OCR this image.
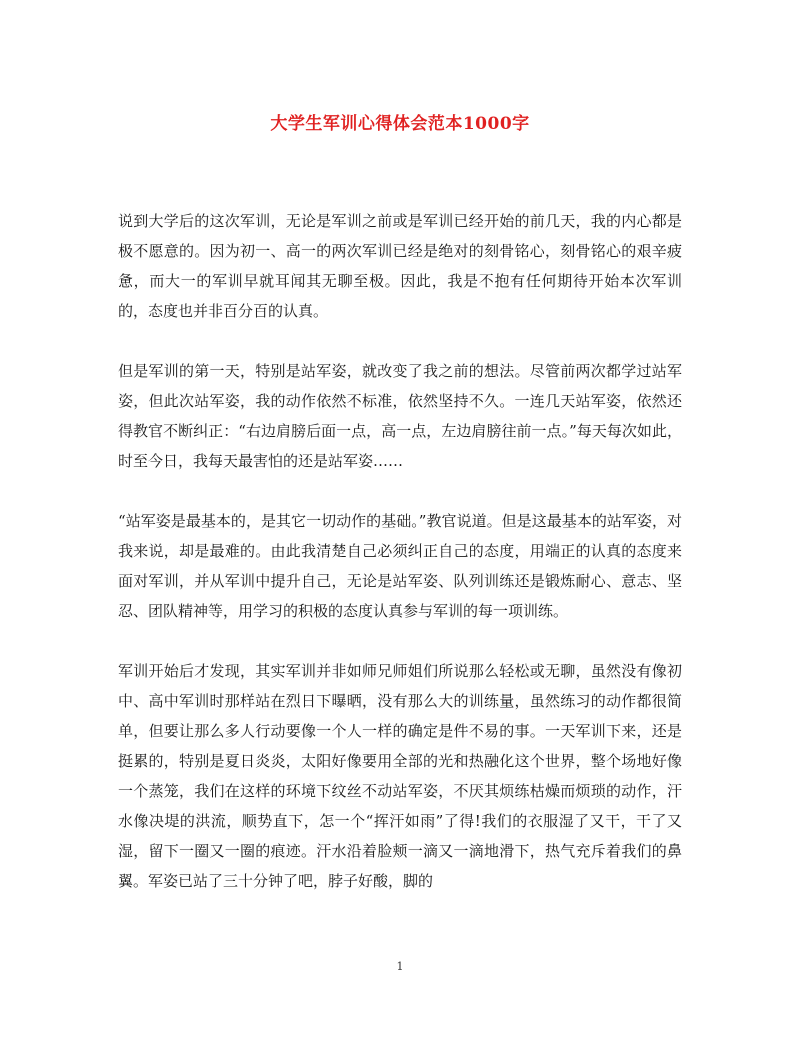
大学生军训心得体会范本1000字

说到大学后的这次军训，无论是军训之前或是军训已经开始的前几天，我的内心都是极不愿意的。因为初一、高一的两次军训已经是绝对的刻骨铭心，刻骨铭心的艰辛疲惫，而大一的军训早就耳闻其无聊至极。因此，我是不抱有任何期待开始本次军训的，态度也并非百分百的认真。

但是军训的第一天，特别是站军姿，就改变了我之前的想法。尽管前两次都学过站军姿，但此次站军姿，我的动作依然不标准，依然坚持不久。一连几天站军姿，依然还得教官不断纠正：“右边肩膀后面一点，高一点，左边肩膀往前一点。”每天每次如此，时至今日，我每天最害怕的还是站军姿……

“站军姿是最基本的，是其它一切动作的基础。”教官说道。但是这最基本的站军姿，对我来说，却是最难的。由此我清楚自己必须纠正自己的态度，用端正的认真的态度来面对军训，并从军训中提升自己，无论是站军姿、队列训练还是锻炼耐心、意志、坚忍、团队精神等，用学习的积极的态度认真参与军训的每一项训练。

军训开始后才发现，其实军训并非如师兄师姐们所说那么轻松或无聊，虽然没有像初中、高中军训时那样站在烈日下曝晒，没有那么大的训练量，虽然练习的动作都很简单，但要让那么多人行动要像一个人一样的确定是件不易的事。一天军训下来，还是挺累的，特别是夏日炎炎，太阳好像要用全部的光和热融化这个世界，整个场地好像一个蒸笼，我们在这样的环境下纹丝不动站军姿，不厌其烦练枯燥而烦琐的动作，汗水像决堤的洪流，顺势直下，怎一个“挥汗如雨”了得!我们的衣服湿了又干，干了又湿，留下一圈又一圈的痕迹。汗水沿着脸颊一滴又一滴地滑下，热气充斥着我们的鼻翼。军姿已站了三十分钟了吧，脖子好酸，脚的

1
